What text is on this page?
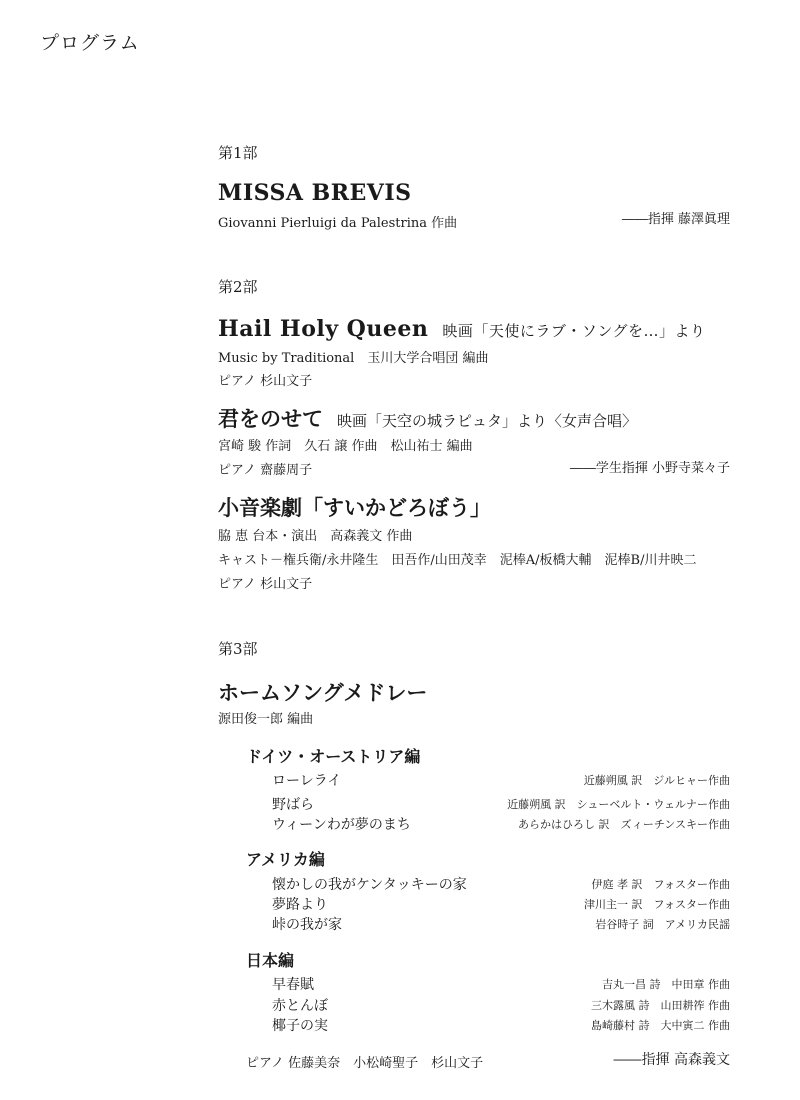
プログラム
第1部
MISSA BREVIS
Giovanni Pierluigi da Palestrina 作曲	――指揮 藤澤眞理
第2部
Hail Holy Queen 映画「天使にラブ・ソングを…」より
Music by Traditional　玉川大学合唱団 編曲
ピアノ 杉山文子
君をのせて 映画「天空の城ラピュタ」より〈女声合唱〉
宮崎 駿 作詞　久石 譲 作曲　松山祐士 編曲
ピアノ 齋藤周子	――学生指揮 小野寺菜々子
小音楽劇「すいかどろぼう」
脇 恵 台本・演出　高森義文 作曲
キャスト－権兵衛/永井隆生　田吾作/山田茂幸　泥棒A/板橋大輔　泥棒B/川井映二
ピアノ 杉山文子
第3部
ホームソングメドレー
源田俊一郎 編曲
ドイツ・オーストリア編
ローレライ	近藤朔風 訳　ジルヒャー作曲
野ばら	近藤朔風 訳　シューベルト・ウェルナー作曲
ウィーンわが夢のまち	あらかはひろし 訳　ズィーチンスキー作曲
アメリカ編
懐かしの我がケンタッキーの家	伊庭 孝 訳　フォスター作曲
夢路より	津川主一 訳　フォスター作曲
峠の我が家	岩谷時子 詞　アメリカ民謡
日本編
早春賦	吉丸一昌 詩　中田章 作曲
赤とんぼ	三木露風 詩　山田耕筰 作曲
椰子の実	島崎藤村 詩　大中寅二 作曲
ピアノ 佐藤美奈　小松崎聖子　杉山文子	――指揮 高森義文
